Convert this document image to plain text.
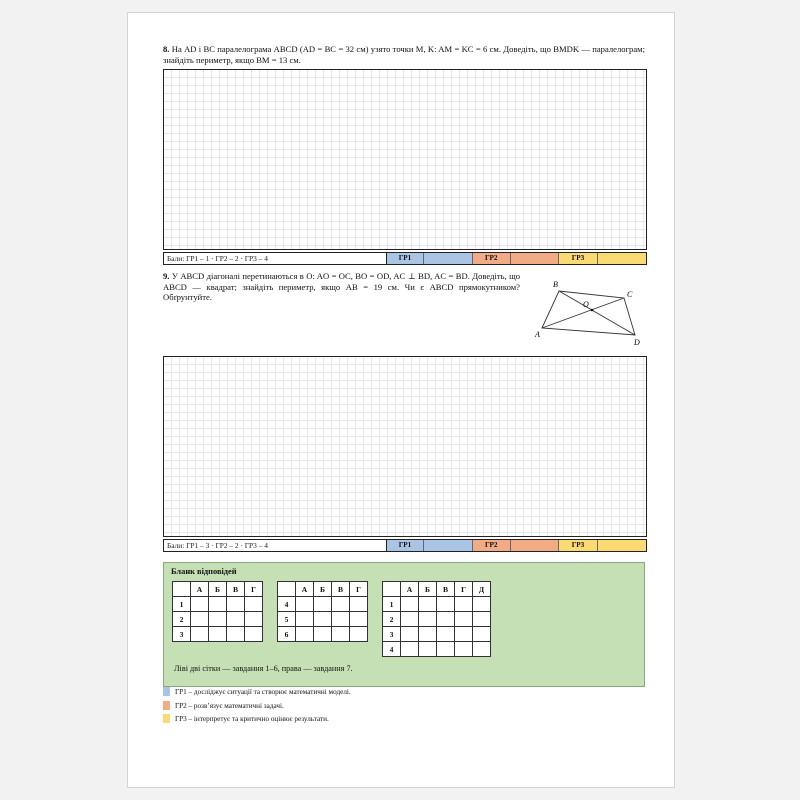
8. На AD і BC паралелограма ABCD (AD = BC = 32 см) узято точки M, K: AM = KC = 6 см. Доведіть, що BMDK — паралелограм; знайдіть периметр, якщо BM = 13 см.
Бали: ГР1 – 1 · ГР2 – 2 · ГР3 – 4	ГР1	ГР2	ГР3
9. У ABCD діагоналі перетинаються в O: AO = OC, BO = OD, AC ⊥ BD, AC = BD. Доведіть, що ABCD — квадрат; знайдіть периметр, якщо AB = 19 см. Чи є ABCD прямокутником? Обґрунтуйте.
A
B
C
D
O
Бали: ГР1 – 3 · ГР2 – 2 · ГР3 – 4	ГР1	ГР2	ГР3
Бланк відповідей
	А	Б	В	Г
1				
2				
3				
	А	Б	В	Г
4				
5				
6				
	А	Б	В	Г	Д
1					
2					
3					
4					
Ліві дві сітки — завдання 1–6, права — завдання 7.
ГР1 – досліджує ситуації та створює математичні моделі.
ГР2 – розв’язує математичні задачі.
ГР3 – інтерпретує та критично оцінює результати.
